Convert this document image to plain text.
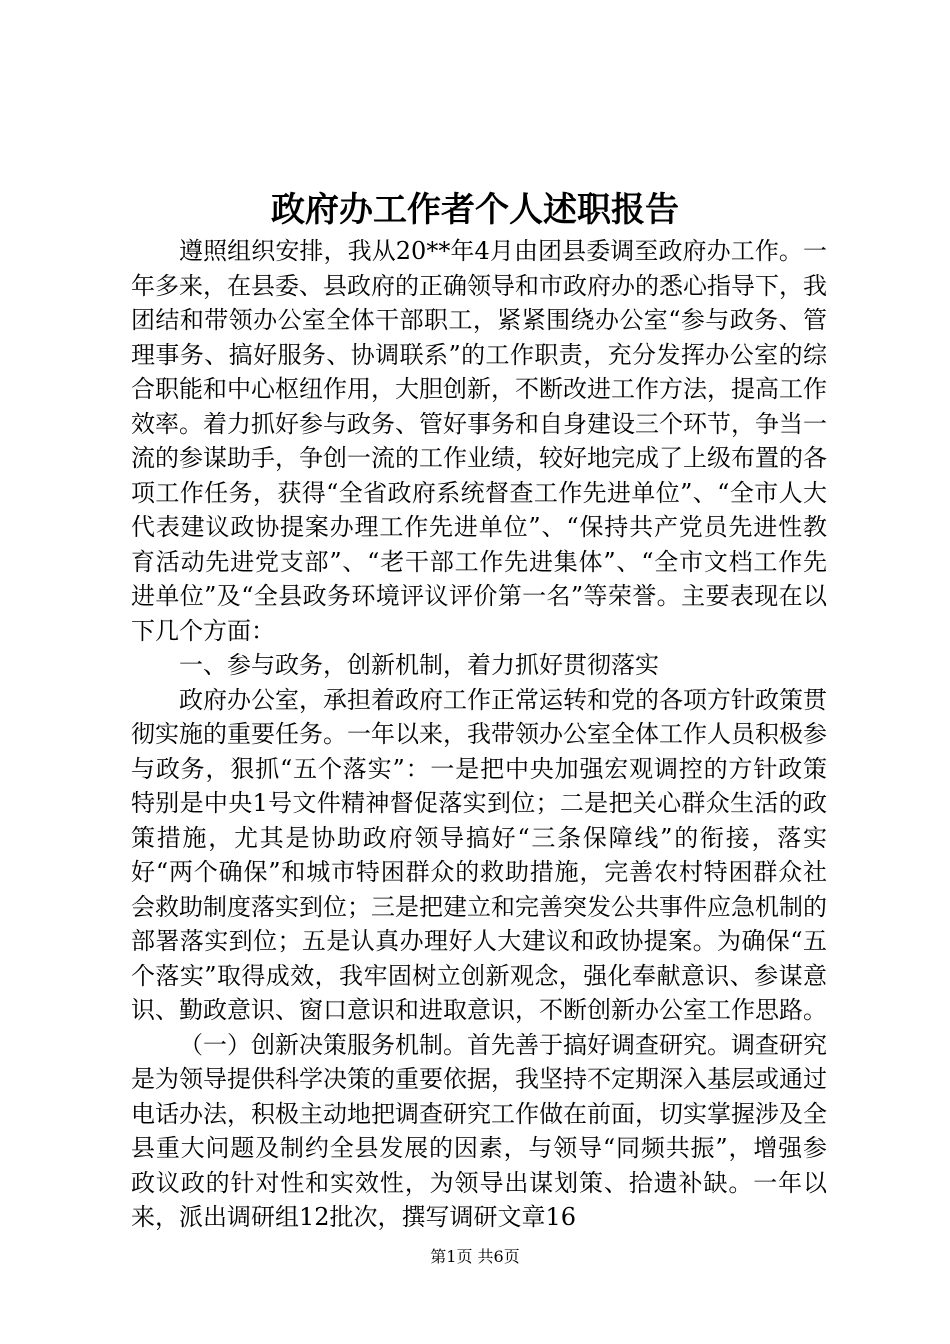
政府办工作者个人述职报告

遵照组织安排，我从20**年4月由团县委调至政府办工作。一年多来，在县委、县政府的正确领导和市政府办的悉心指导下，我团结和带领办公室全体干部职工，紧紧围绕办公室“参与政务、管理事务、搞好服务、协调联系”的工作职责，充分发挥办公室的综合职能和中心枢纽作用，大胆创新，不断改进工作方法，提高工作效率。着力抓好参与政务、管好事务和自身建设三个环节，争当一流的参谋助手，争创一流的工作业绩，较好地完成了上级布置的各项工作任务，获得“全省政府系统督查工作先进单位”、“全市人大代表建议政协提案办理工作先进单位”、“保持共产党员先进性教育活动先进党支部”、“老干部工作先进集体”、“全市文档工作先进单位”及“全县政务环境评议评价第一名”等荣誉。主要表现在以下几个方面：

一、参与政务，创新机制，着力抓好贯彻落实

政府办公室，承担着政府工作正常运转和党的各项方针政策贯彻实施的重要任务。一年以来，我带领办公室全体工作人员积极参与政务，狠抓“五个落实”：一是把中央加强宏观调控的方针政策特别是中央1号文件精神督促落实到位；二是把关心群众生活的政策措施，尤其是协助政府领导搞好“三条保障线”的衔接，落实好“两个确保”和城市特困群众的救助措施，完善农村特困群众社会救助制度落实到位；三是把建立和完善突发公共事件应急机制的部署落实到位；五是认真办理好人大建议和政协提案。为确保“五个落实”取得成效，我牢固树立创新观念，强化奉献意识、参谋意识、勤政意识、窗口意识和进取意识，不断创新办公室工作思路。

（一）创新决策服务机制。首先善于搞好调查研究。调查研究是为领导提供科学决策的重要依据，我坚持不定期深入基层或通过电话办法，积极主动地把调查研究工作做在前面，切实掌握涉及全县重大问题及制约全县发展的因素，与领导“同频共振”，增强参政议政的针对性和实效性，为领导出谋划策、拾遗补缺。一年以来，派出调研组12批次，撰写调研文章16

第1页 共6页
